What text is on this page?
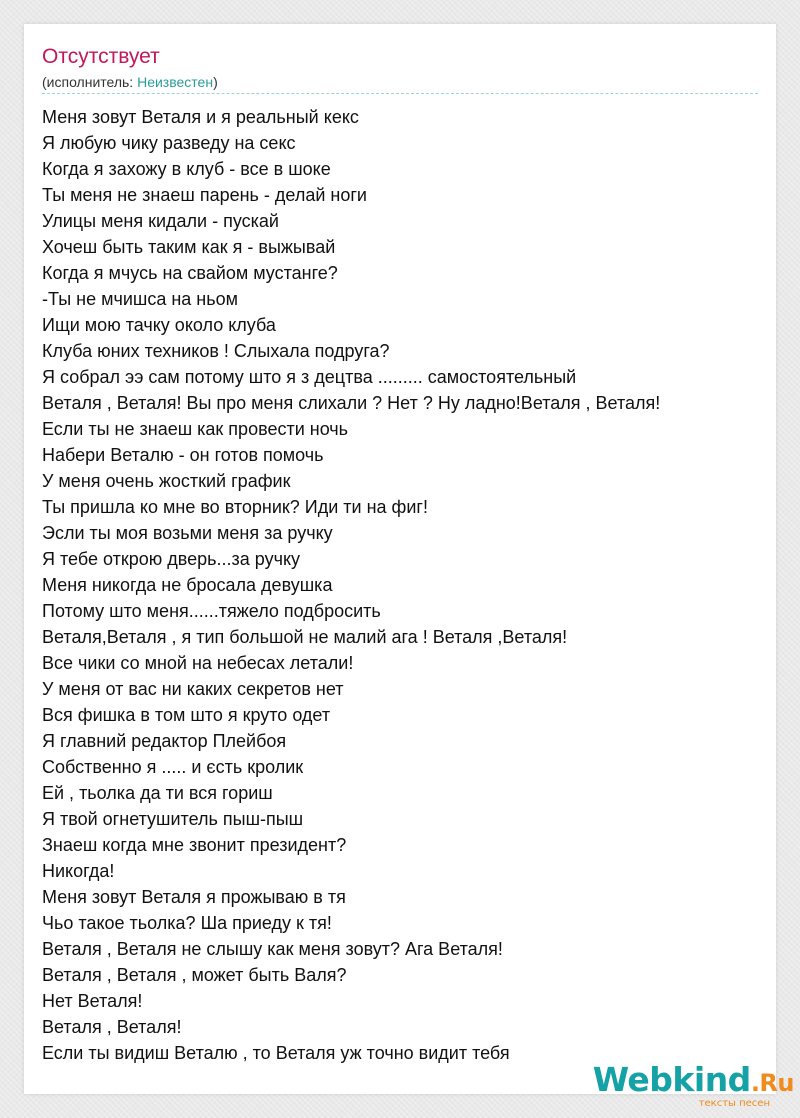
Отсутствует
(исполнитель: Неизвестен)
Меня зовут Веталя и я реальный кекс
Я любую чику разведу на секс
Когда я захожу в клуб - все в шоке
Ты меня не знаеш парень - делай ноги
Улицы меня кидали - пускай
Хочеш быть таким как я - выжывай
Когда я мчусь на свайом мустанге?
-Ты не мчишса на ньом
Ищи мою тачку около клуба
Клуба юних техников ! Слыхала подруга?
Я собрал ээ сам потому што я з децтва ......... самостоятельный
Веталя , Веталя! Вы про меня слихали ? Нет ? Ну ладно!Веталя , Веталя!
Если ты не знаеш как провести ночь
Набери Веталю - он готов помочь
У меня очень жосткий график
Ты пришла ко мне во вторник? Иди ти на фиг!
Эсли ты моя возьми меня за ручку
Я тебе открою дверь...за ручку
Меня никогда не бросала девушка
Потому што меня......тяжело подбросить
Веталя,Веталя , я тип большой не малий ага ! Веталя ,Веталя!
Все чики со мной на небесах летали!
У меня от вас ни каких секретов нет
Вся фишка в том што я круто одет
Я главний редактор Плейбоя
Собственно я ..... и єсть кролик
Ей , тьолка да ти вся гориш
Я твой огнетушитель пыш-пыш
Знаеш когда мне звонит президент?
Никогда!
Меня зовут Веталя я прожываю в тя
Чьо такое тьолка? Ша приеду к тя!
Веталя , Веталя не слышу как меня зовут? Ага Веталя!
Веталя , Веталя , может быть Валя?
Нет Веталя!
Веталя , Веталя!
Если ты видиш Веталю , то Веталя уж точно видит тебя
Webkind.Ru
тексты песен
